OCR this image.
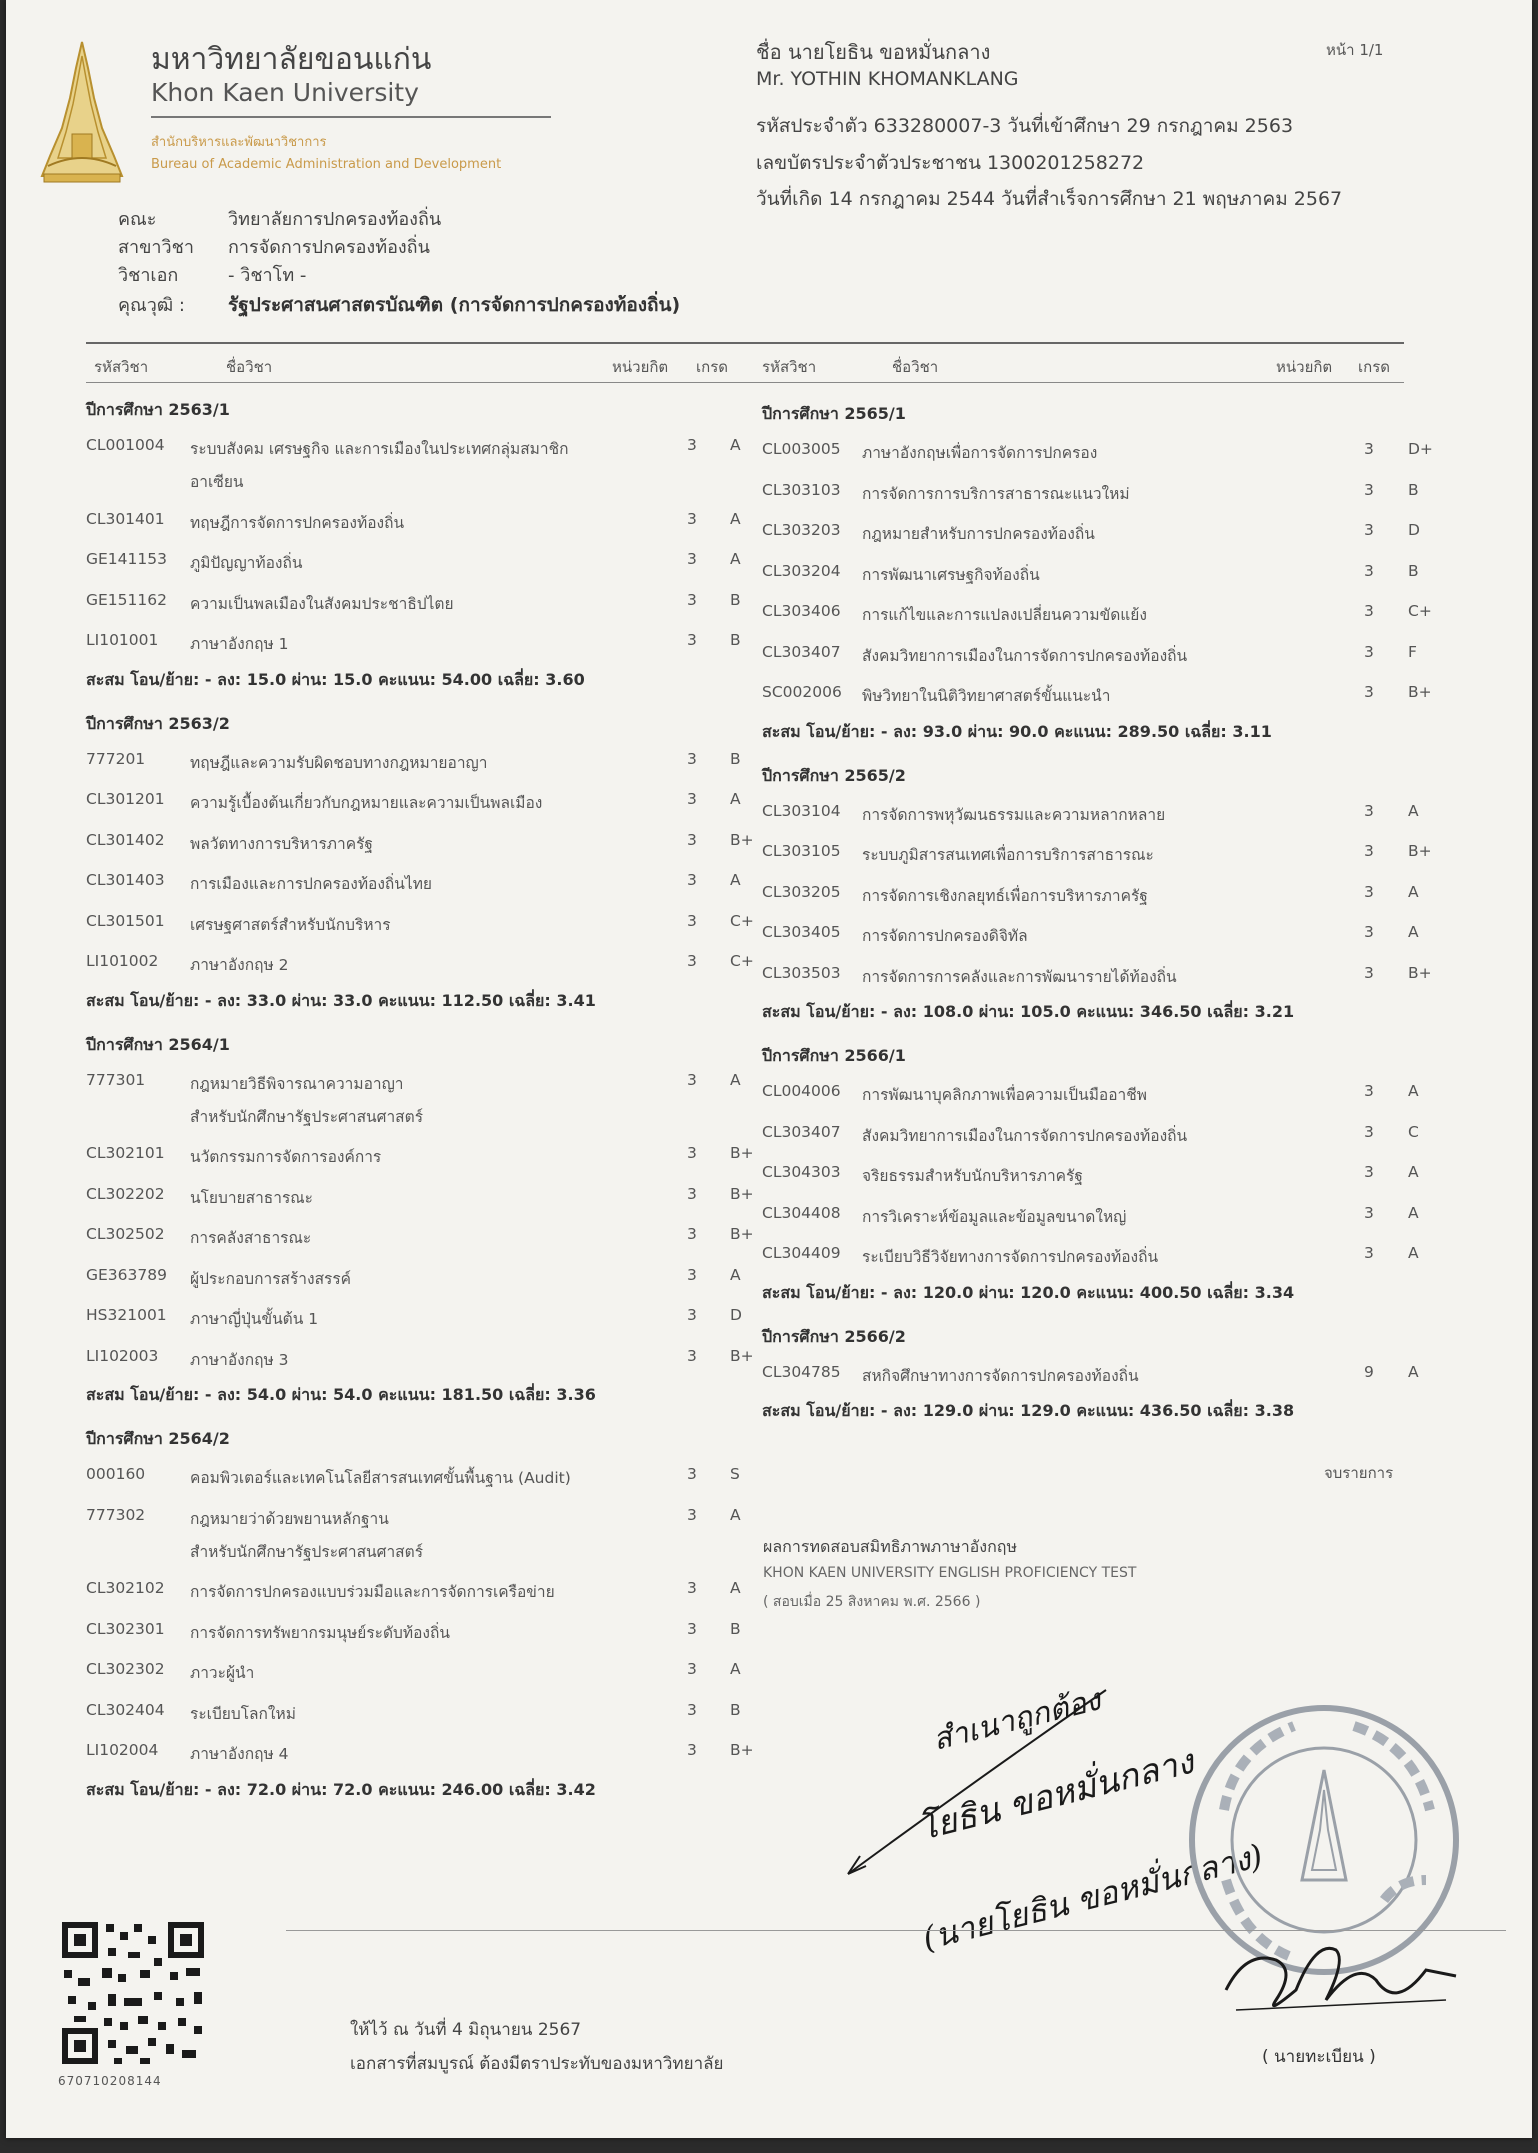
มหาวิทยาลัยขอนแก่น
Khon Kaen University
สำนักบริหารและพัฒนาวิชาการ
Bureau of Academic Administration and Development
หน้า 1/1
ชื่อ นายโยธิน ขอหมั่นกลาง
Mr. YOTHIN KHOMANKLANG
รหัสประจำตัว 633280007-3 วันที่เข้าศึกษา 29 กรกฎาคม 2563
เลขบัตรประจำตัวประชาชน 1300201258272
วันที่เกิด 14 กรกฎาคม 2544 วันที่สำเร็จการศึกษา 21 พฤษภาคม 2567
คณะ	วิทยาลัยการปกครองท้องถิ่น
สาขาวิชา การจัดการปกครองท้องถิ่น
วิชาเอก	- วิชาโท -
คุณวุฒิ : รัฐประศาสนศาสตรบัณฑิต (การจัดการปกครองท้องถิ่น)
รหัสวิชา	ชื่อวิชา	หน่วยกิต เกรด รหัสวิชา	ชื่อวิชา	หน่วยกิต เกรด
ปีการศึกษา 2563/1
CL001004 ระบบสังคม เศรษฐกิจ และการเมืองในประเทศกลุ่มสมาชิก	3 A
อาเซียน
CL301401 ทฤษฎีการจัดการปกครองท้องถิ่น	3 A
GE141153 ภูมิปัญญาท้องถิ่น	3 A
GE151162 ความเป็นพลเมืองในสังคมประชาธิปไตย	3 B
LI101001 ภาษาอังกฤษ 1	3 B
สะสม โอน/ย้าย: - ลง: 15.0 ผ่าน: 15.0 คะแนน: 54.00 เฉลี่ย: 3.60
ปีการศึกษา 2563/2
777201	ทฤษฎีและความรับผิดชอบทางกฎหมายอาญา	3 B
CL301201 ความรู้เบื้องต้นเกี่ยวกับกฎหมายและความเป็นพลเมือง	3 A
CL301402 พลวัตทางการบริหารภาครัฐ	3 B+
CL301403 การเมืองและการปกครองท้องถิ่นไทย	3 A
CL301501 เศรษฐศาสตร์สำหรับนักบริหาร	3 C+
LI101002 ภาษาอังกฤษ 2	3 C+
สะสม โอน/ย้าย: - ลง: 33.0 ผ่าน: 33.0 คะแนน: 112.50 เฉลี่ย: 3.41
ปีการศึกษา 2564/1
777301	กฎหมายวิธีพิจารณาความอาญา	3 A
สำหรับนักศึกษารัฐประศาสนศาสตร์
CL302101 นวัตกรรมการจัดการองค์การ	3 B+
CL302202 นโยบายสาธารณะ	3 B+
CL302502 การคลังสาธารณะ	3 B+
GE363789 ผู้ประกอบการสร้างสรรค์	3 A
HS321001 ภาษาญี่ปุ่นขั้นต้น 1	3 D
LI102003 ภาษาอังกฤษ 3	3 B+
สะสม โอน/ย้าย: - ลง: 54.0 ผ่าน: 54.0 คะแนน: 181.50 เฉลี่ย: 3.36
ปีการศึกษา 2564/2
000160	คอมพิวเตอร์และเทคโนโลยีสารสนเทศขั้นพื้นฐาน (Audit)	3 S
777302	กฎหมายว่าด้วยพยานหลักฐาน	3 A
สำหรับนักศึกษารัฐประศาสนศาสตร์
CL302102 การจัดการปกครองแบบร่วมมือและการจัดการเครือข่าย	3 A
CL302301 การจัดการทรัพยากรมนุษย์ระดับท้องถิ่น	3 B
CL302302 ภาวะผู้นำ	3 A
CL302404 ระเบียบโลกใหม่	3 B
LI102004 ภาษาอังกฤษ 4	3 B+
สะสม โอน/ย้าย: - ลง: 72.0 ผ่าน: 72.0 คะแนน: 246.00 เฉลี่ย: 3.42
ปีการศึกษา 2565/1
CL003005 ภาษาอังกฤษเพื่อการจัดการปกครอง	3 D+
CL303103 การจัดการการบริการสาธารณะแนวใหม่	3 B
CL303203 กฎหมายสำหรับการปกครองท้องถิ่น	3 D
CL303204 การพัฒนาเศรษฐกิจท้องถิ่น	3 B
CL303406 การแก้ไขและการแปลงเปลี่ยนความขัดแย้ง	3 C+
CL303407 สังคมวิทยาการเมืองในการจัดการปกครองท้องถิ่น	3 F
SC002006 พิษวิทยาในนิติวิทยาศาสตร์ขั้นแนะนำ	3 B+
สะสม โอน/ย้าย: - ลง: 93.0 ผ่าน: 90.0 คะแนน: 289.50 เฉลี่ย: 3.11
ปีการศึกษา 2565/2
CL303104 การจัดการพหุวัฒนธรรมและความหลากหลาย	3 A
CL303105 ระบบภูมิสารสนเทศเพื่อการบริการสาธารณะ	3 B+
CL303205 การจัดการเชิงกลยุทธ์เพื่อการบริหารภาครัฐ	3 A
CL303405 การจัดการปกครองดิจิทัล	3 A
CL303503 การจัดการการคลังและการพัฒนารายได้ท้องถิ่น	3 B+
สะสม โอน/ย้าย: - ลง: 108.0 ผ่าน: 105.0 คะแนน: 346.50 เฉลี่ย: 3.21
ปีการศึกษา 2566/1
CL004006 การพัฒนาบุคลิกภาพเพื่อความเป็นมืออาชีพ	3 A
CL303407 สังคมวิทยาการเมืองในการจัดการปกครองท้องถิ่น	3 C
CL304303 จริยธรรมสำหรับนักบริหารภาครัฐ	3 A
CL304408 การวิเคราะห์ข้อมูลและข้อมูลขนาดใหญ่	3 A
CL304409 ระเบียบวิธีวิจัยทางการจัดการปกครองท้องถิ่น	3 A
สะสม โอน/ย้าย: - ลง: 120.0 ผ่าน: 120.0 คะแนน: 400.50 เฉลี่ย: 3.34
ปีการศึกษา 2566/2
CL304785 สหกิจศึกษาทางการจัดการปกครองท้องถิ่น	9 A
สะสม โอน/ย้าย: - ลง: 129.0 ผ่าน: 129.0 คะแนน: 436.50 เฉลี่ย: 3.38
จบรายการ
ผลการทดสอบสมิทธิภาพภาษาอังกฤษ
KHON KAEN UNIVERSITY ENGLISH PROFICIENCY TEST
( สอบเมื่อ 25 สิงหาคม พ.ศ. 2566 )
สำเนาถูกต้อง
โยธิน ขอหมั่นกลาง
(นายโยธิน ขอหมั่นกลาง)
( นายทะเบียน )
670710208144
ให้ไว้ ณ วันที่ 4 มิถุนายน 2567
เอกสารที่สมบูรณ์ ต้องมีตราประทับของมหาวิทยาลัย
